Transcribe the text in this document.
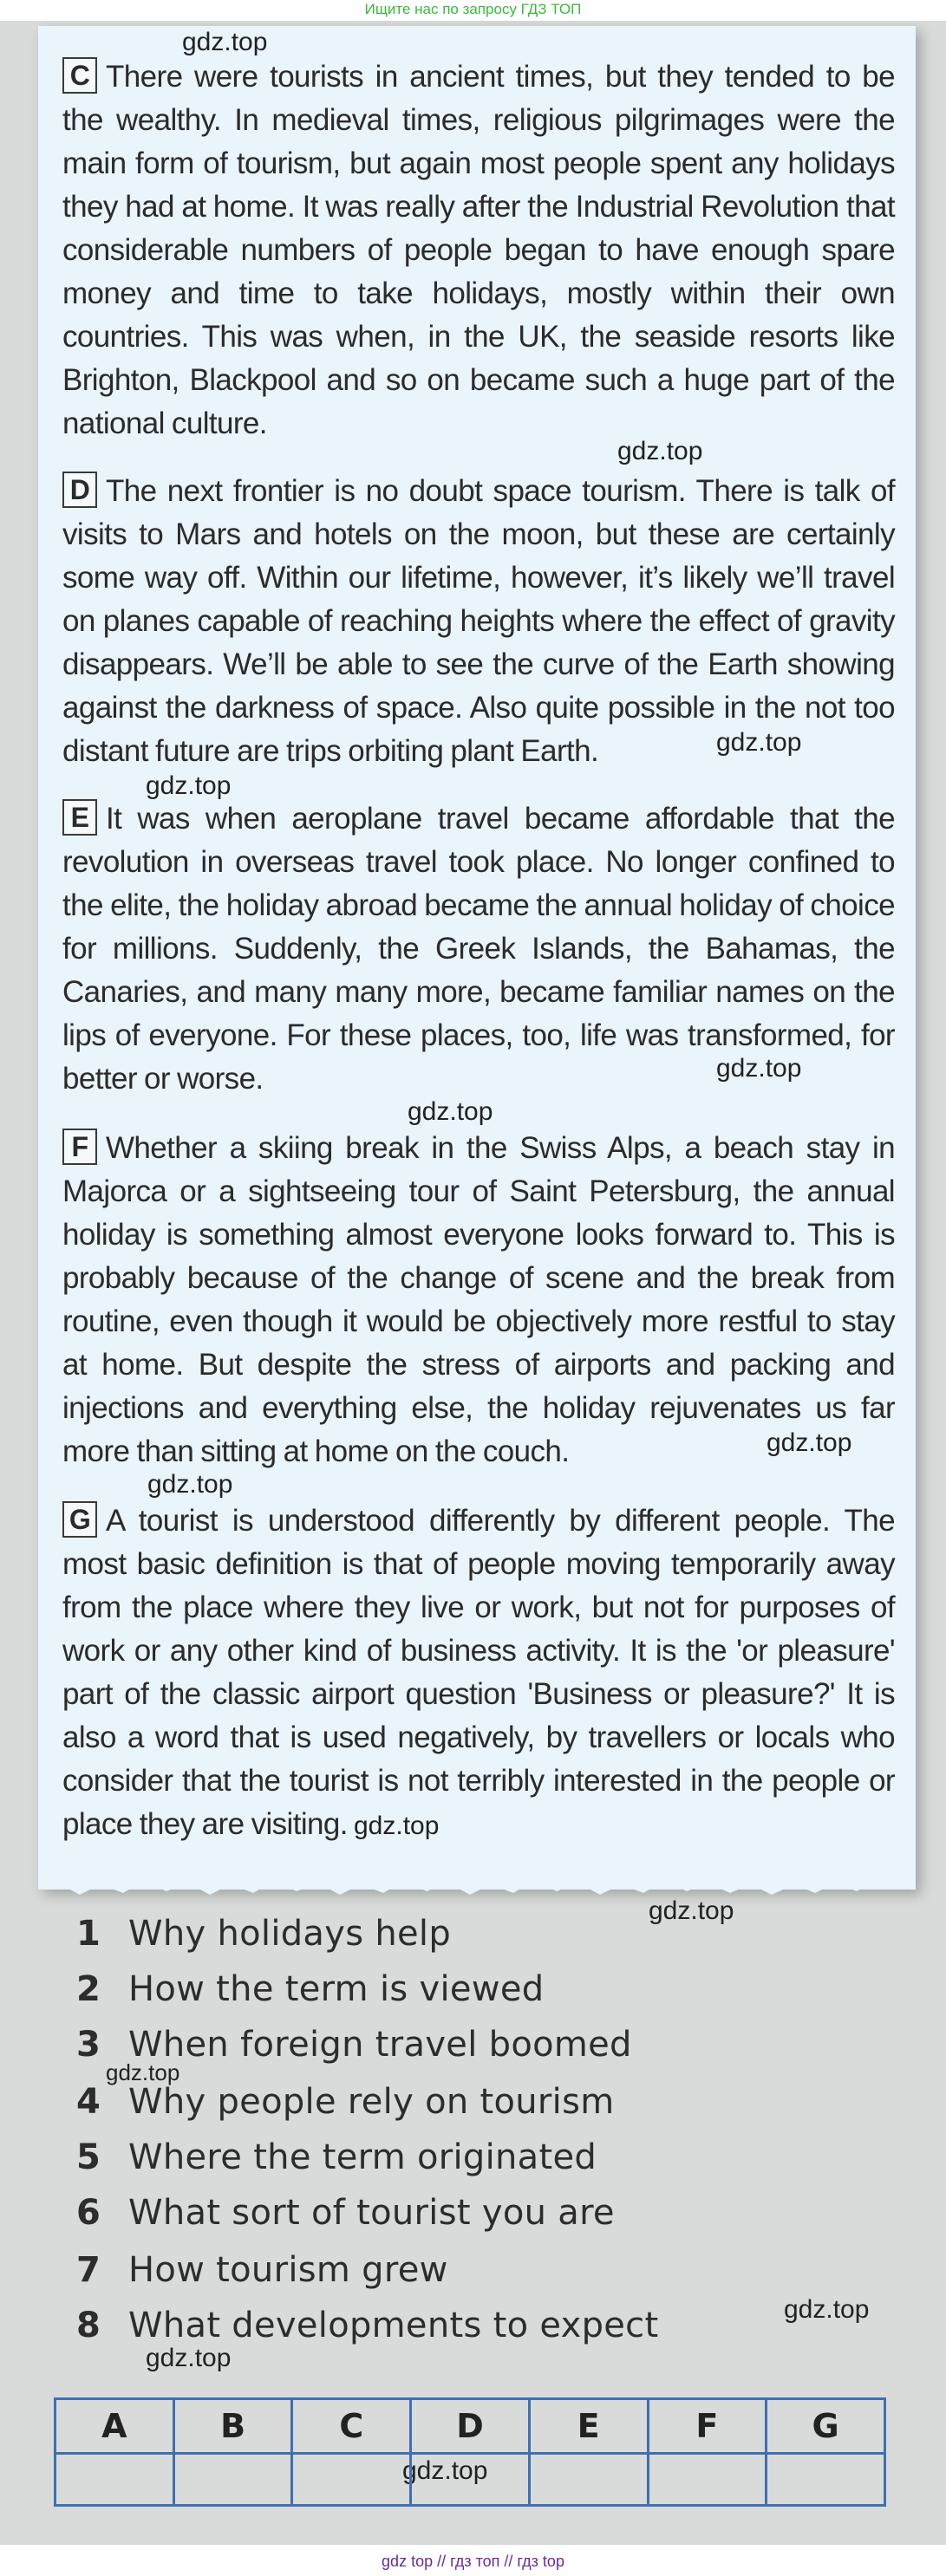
Ищите нас по запросу ГДЗ ТОП
C There were tourists in ancient times, but they tended to be the wealthy. In medieval times, religious pilgrimages were the main form of tourism, but again most people spent any holidays they had at home. It was really after the Industrial Revolution that considerable numbers of people began to have enough spare money and time to take holidays, mostly within their own countries. This was when, in the UK, the seaside resorts like Brighton, Blackpool and so on became such a huge part of the national culture.
D The next frontier is no doubt space tourism. There is talk of visits to Mars and hotels on the moon, but these are certainly some way off. Within our lifetime, however, it’s likely we’ll travel on planes capable of reaching heights where the effect of gravity disappears. We’ll be able to see the curve of the Earth showing against the darkness of space. Also quite possible in the not too distant future are trips orbiting plant Earth.
E It was when aeroplane travel became affordable that the revolution in overseas travel took place. No longer confined to the elite, the holiday abroad became the annual holiday of choice for millions. Suddenly, the Greek Islands, the Bahamas, the Canaries, and many many more, became familiar names on the lips of everyone. For these places, too, life was transformed, for better or worse.
F Whether a skiing break in the Swiss Alps, a beach stay in Majorca or a sightseeing tour of Saint Petersburg, the annual holiday is something almost everyone looks forward to. This is probably because of the change of scene and the break from routine, even though it would be objectively more restful to stay at home. But despite the stress of airports and packing and injections and everything else, the holiday rejuvenates us far more than sitting at home on the couch.
G A tourist is understood differently by different people. The most basic definition is that of people moving temporarily away from the place where they live or work, but not for purposes of work or any other kind of business activity. It is the 'or pleasure' part of the classic airport question 'Business or pleasure?' It is also a word that is used negatively, by travellers or locals who consider that the tourist is not terribly interested in the people or place they are visiting.
gdz.top
gdz.top
gdz.top
gdz.top
gdz.top
gdz.top
gdz.top
gdz.top
gdz.top
gdz.top
gdz.top
gdz.top
gdz.top
gdz.top
1 Why holidays help
2 How the term is viewed
3 When foreign travel boomed
4 Why people rely on tourism
5 Where the term originated
6 What sort of tourist you are
7 How tourism grew
8 What developments to expect
A	B	C	D	E	F	G

gdz top // гдз топ // гдз top
